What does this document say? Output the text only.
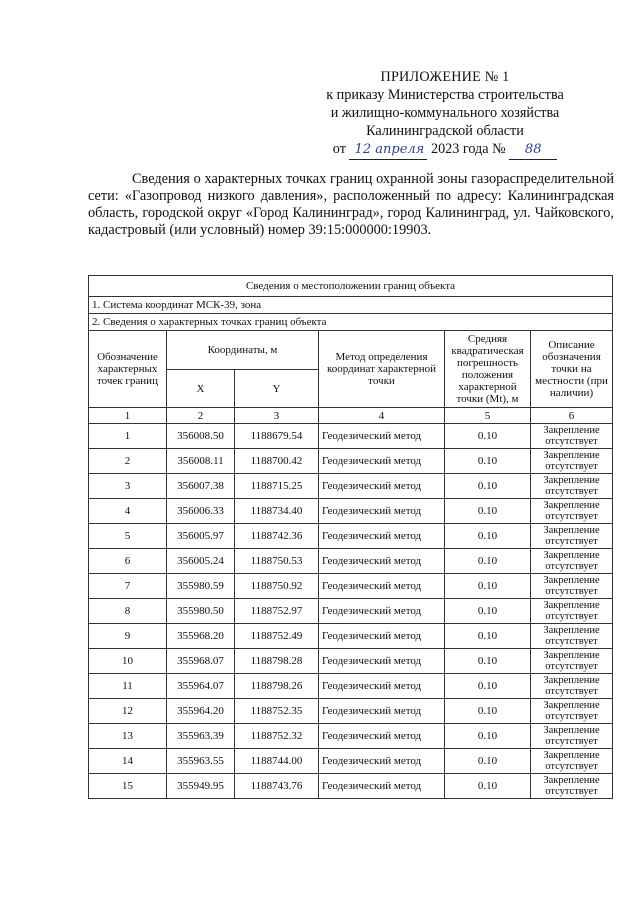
ПРИЛОЖЕНИЕ № 1
к приказу Министерства строительства
и жилищно-коммунального хозяйства
Калининградской области
от 12 апреля 2023 года № 88
Сведения о характерных точках границ охранной зоны газораспределительной сети: «Газопровод низкого давления», расположенный по адресу: Калининградская область, городской округ «Город Калининград», город Калининград, ул. Чайковского, кадастровый (или условный) номер 39:15:000000:19903.
Сведения о местоположении границ объекта					
1. Система координат МСК-39, зона					
2. Сведения о характерных точках границ объекта					
Обозначение характерных точек границ	Координаты, м		Метод определения координат характерной точки	Средняя квадратическая погрешность положения характерной точки (Mt), м	Описание обозначения точки на местности (при наличии)
	X	Y			
1	2	3	4	5	6
1	356008.50	1188679.54	Геодезический метод	0.10	Закрепление отсутствует
2	356008.11	1188700.42	Геодезический метод	0.10	Закрепление отсутствует
3	356007.38	1188715.25	Геодезический метод	0.10	Закрепление отсутствует
4	356006.33	1188734.40	Геодезический метод	0.10	Закрепление отсутствует
5	356005.97	1188742.36	Геодезический метод	0.10	Закрепление отсутствует
6	356005.24	1188750.53	Геодезический метод	0.10	Закрепление отсутствует
7	355980.59	1188750.92	Геодезический метод	0.10	Закрепление отсутствует
8	355980.50	1188752.97	Геодезический метод	0.10	Закрепление отсутствует
9	355968.20	1188752.49	Геодезический метод	0.10	Закрепление отсутствует
10	355968.07	1188798.28	Геодезический метод	0.10	Закрепление отсутствует
11	355964.07	1188798.26	Геодезический метод	0.10	Закрепление отсутствует
12	355964.20	1188752.35	Геодезический метод	0.10	Закрепление отсутствует
13	355963.39	1188752.32	Геодезический метод	0.10	Закрепление отсутствует
14	355963.55	1188744.00	Геодезический метод	0.10	Закрепление отсутствует
15	355949.95	1188743.76	Геодезический метод	0.10	Закрепление отсутствует
